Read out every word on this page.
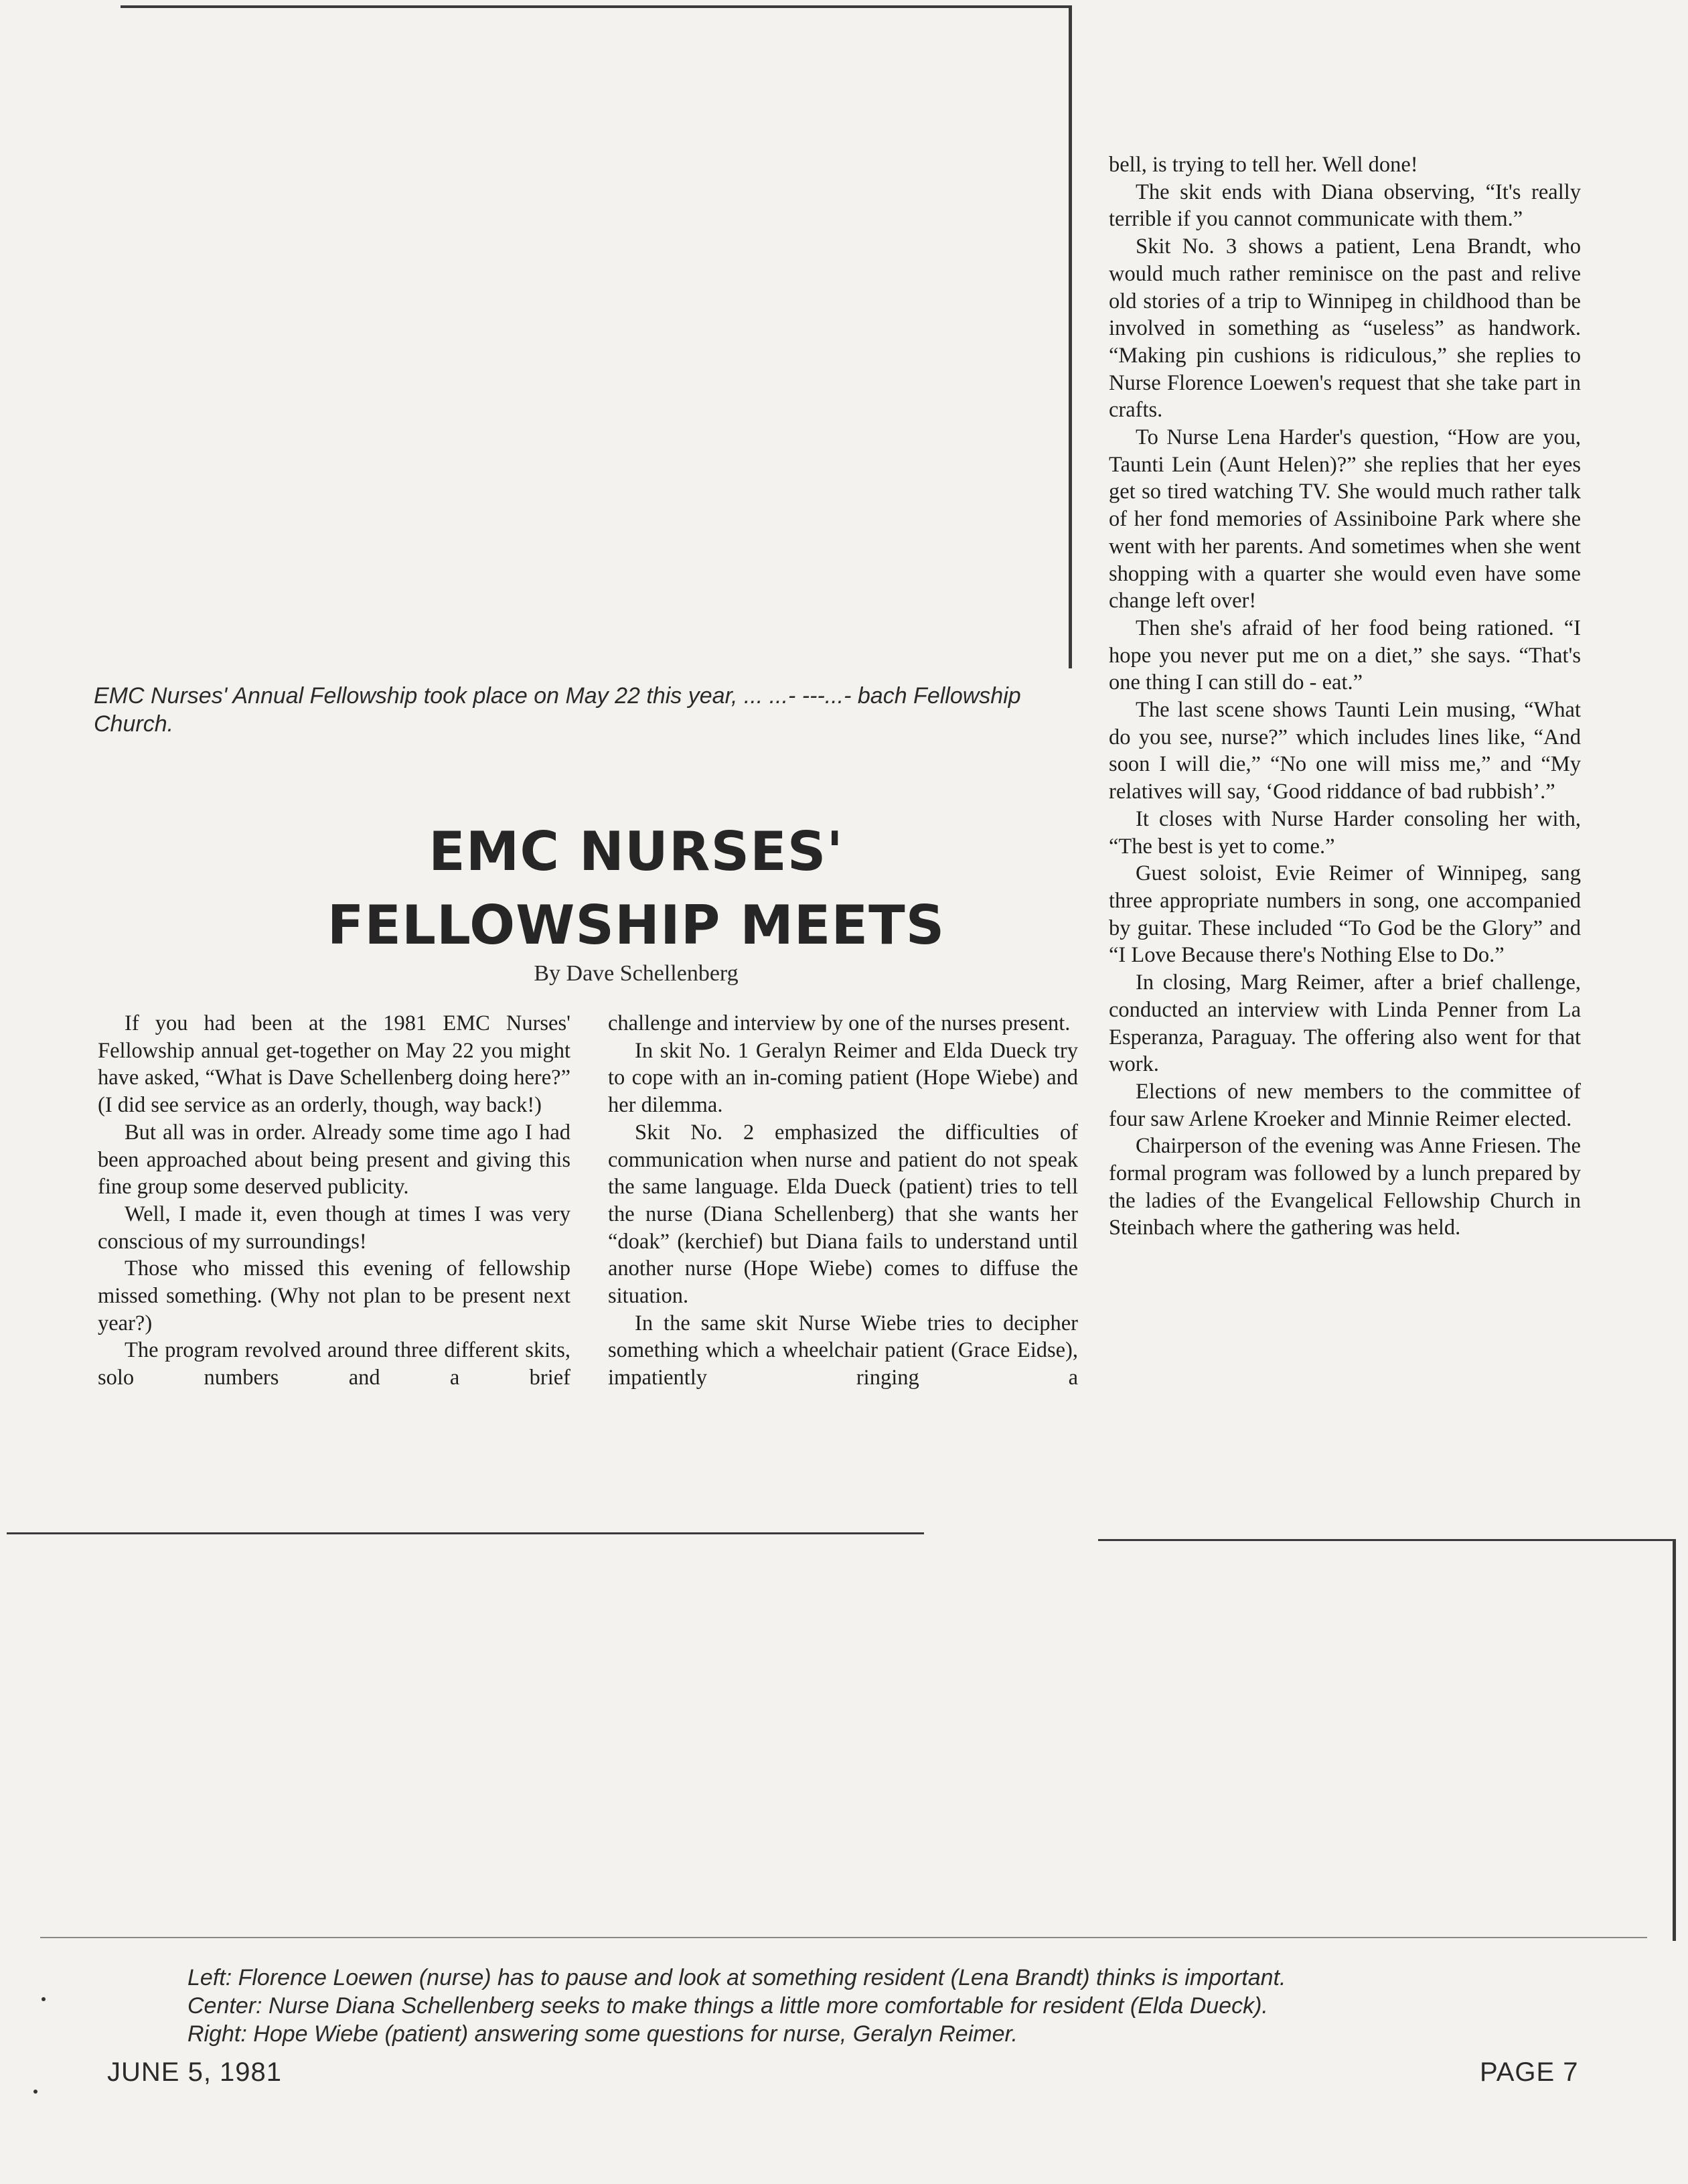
EMC Nurses' Annual Fellowship took place on May 22 this year, ... ...- ---...- bach Fellowship Church.
EMC NURSES'
FELLOWSHIP MEETS
By Dave Schellenberg

If you had been at the 1981 EMC Nurses' Fellowship annual get-together on May 22 you might have asked, “What is Dave Schellenberg doing here?” (I did see service as an orderly, though, way back!)

But all was in order. Already some time ago I had been approached about being present and giving this fine group some deserved publicity.

Well, I made it, even though at times I was very conscious of my surroundings!

Those who missed this evening of fellowship missed something. (Why not plan to be present next year?)

The program revolved around three different skits, solo numbers and a brief

challenge and interview by one of the nurses present.

In skit No. 1 Geralyn Reimer and Elda Dueck try to cope with an in-coming patient (Hope Wiebe) and her dilemma.

Skit No. 2 emphasized the difficulties of communication when nurse and patient do not speak the same language. Elda Dueck (patient) tries to tell the nurse (Diana Schellenberg) that she wants her “doak” (kerchief) but Diana fails to understand until another nurse (Hope Wiebe) comes to diffuse the situation.

In the same skit Nurse Wiebe tries to decipher something which a wheelchair patient (Grace Eidse), impatiently ringing a

bell, is trying to tell her. Well done!

The skit ends with Diana observing, “It's really terrible if you cannot communicate with them.”

Skit No. 3 shows a patient, Lena Brandt, who would much rather reminisce on the past and relive old stories of a trip to Winnipeg in childhood than be involved in something as “useless” as handwork. “Making pin cushions is ridiculous,” she replies to Nurse Florence Loewen's request that she take part in crafts.

To Nurse Lena Harder's question, “How are you, Taunti Lein (Aunt Helen)?” she replies that her eyes get so tired watching TV. She would much rather talk of her fond memories of Assiniboine Park where she went with her parents. And sometimes when she went shopping with a quarter she would even have some change left over!

Then she's afraid of her food being rationed. “I hope you never put me on a diet,” she says. “That's one thing I can still do - eat.”

The last scene shows Taunti Lein musing, “What do you see, nurse?” which includes lines like, “And soon I will die,” “No one will miss me,” and “My relatives will say, ‘Good riddance of bad rubbish’.”

It closes with Nurse Harder consoling her with, “The best is yet to come.”

Guest soloist, Evie Reimer of Winnipeg, sang three appropriate numbers in song, one accompanied by guitar. These included “To God be the Glory” and “I Love Because there's Nothing Else to Do.”

In closing, Marg Reimer, after a brief challenge, conducted an interview with Linda Penner from La Esperanza, Paraguay. The offering also went for that work.

Elections of new members to the committee of four saw Arlene Kroeker and Minnie Reimer elected.

Chairperson of the evening was Anne Friesen. The formal program was followed by a lunch prepared by the ladies of the Evangelical Fellowship Church in Steinbach where the gathering was held.

Left: Florence Loewen (nurse) has to pause and look at something resident (Lena Brandt) thinks is important.
Center: Nurse Diana Schellenberg seeks to make things a little more comfortable for resident (Elda Dueck).
Right: Hope Wiebe (patient) answering some questions for nurse, Geralyn Reimer.
JUNE 5, 1981	PAGE 7
